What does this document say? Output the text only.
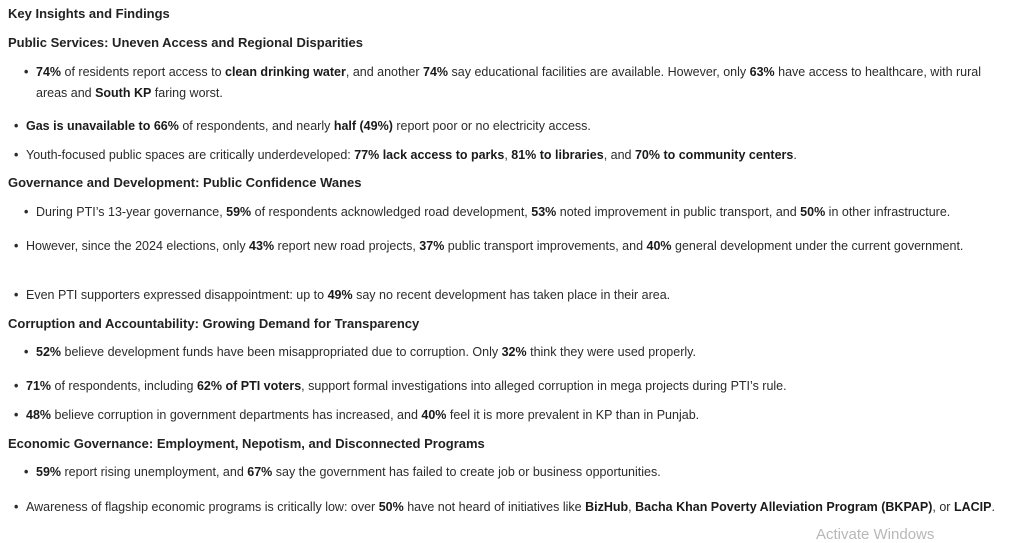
Key Insights and Findings
Public Services: Uneven Access and Regional Disparities
• 74% of residents report access to clean drinking water, and another 74% say educational facilities are available. However, only 63% have access to healthcare, with rural areas and South KP faring worst.
• Gas is unavailable to 66% of respondents, and nearly half (49%) report poor or no electricity access.
• Youth-focused public spaces are critically underdeveloped: 77% lack access to parks, 81% to libraries, and 70% to community centers.
Governance and Development: Public Confidence Wanes
• During PTI’s 13-year governance, 59% of respondents acknowledged road development, 53% noted improvement in public transport, and 50% in other infrastructure.
• However, since the 2024 elections, only 43% report new road projects, 37% public transport improvements, and 40% general development under the current government.
• Even PTI supporters expressed disappointment: up to 49% say no recent development has taken place in their area.
Corruption and Accountability: Growing Demand for Transparency
• 52% believe development funds have been misappropriated due to corruption. Only 32% think they were used properly.
• 71% of respondents, including 62% of PTI voters, support formal investigations into alleged corruption in mega projects during PTI’s rule.
• 48% believe corruption in government departments has increased, and 40% feel it is more prevalent in KP than in Punjab.
Economic Governance: Employment, Nepotism, and Disconnected Programs
• 59% report rising unemployment, and 67% say the government has failed to create job or business opportunities.
• Awareness of flagship economic programs is critically low: over 50% have not heard of initiatives like BizHub, Bacha Khan Poverty Alleviation Program (BKPAP), or LACIP.
Activate Windows
